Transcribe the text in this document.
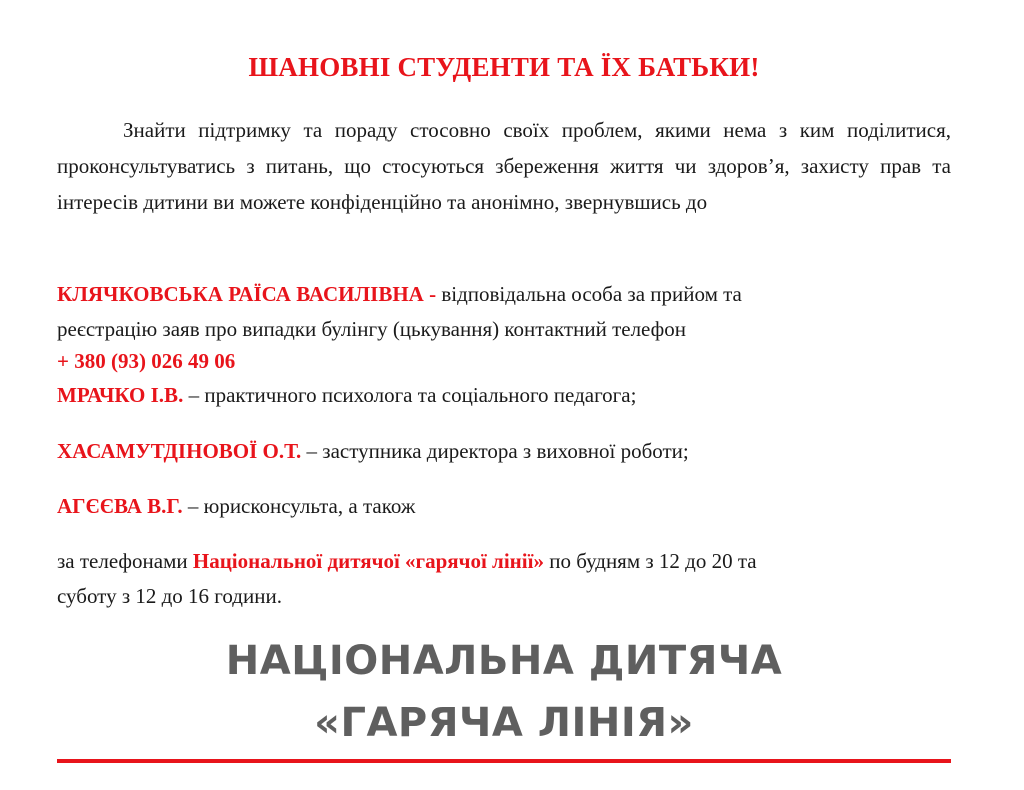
ШАНОВНІ СТУДЕНТИ ТА ЇХ БАТЬКИ!

Знайти підтримку та пораду стосовно своїх проблем, якими нема з ким поділитися, проконсультуватись з питань, що стосуються збереження життя чи здоров’я, захисту прав та інтересів дитини ви можете конфіденційно та анонімно, звернувшись до

КЛЯЧКОВСЬКА РАЇСА ВАСИЛІВНА - відповідальна особа за прийом та

реєстрацію заяв про випадки булінгу (цькування) контактний телефон

+ 380 (93) 026 49 06

МРАЧКО І.В. – практичного психолога та соціального педагога;

ХАСАМУТДІНОВОЇ О.Т. – заступника директора з виховної роботи;

АГЄЄВА В.Г. – юрисконсульта, а також

за телефонами Національної дитячої «гарячої лінії» по будням з 12 до 20 та

суботу з 12 до 16 години.

НАЦІОНАЛЬНА ДИТЯЧА

«ГАРЯЧА ЛІНІЯ»
